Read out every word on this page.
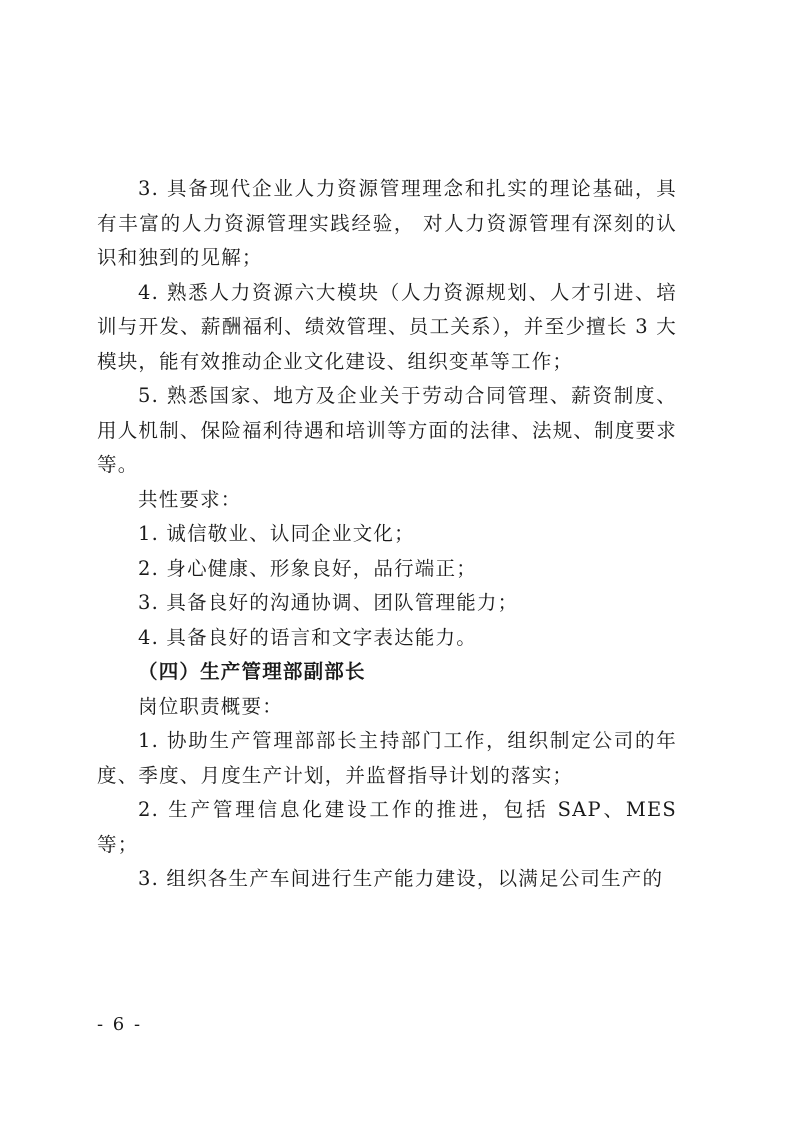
3. 具备现代企业人力资源管理理念和扎实的理论基础，具有丰富的人力资源管理实践经验， 对人力资源管理有深刻的认识和独到的见解；

4. 熟悉人力资源六大模块（人力资源规划、人才引进、培训与开发、薪酬福利、绩效管理、员工关系），并至少擅长 3 大模块，能有效推动企业文化建设、组织变革等工作；

5. 熟悉国家、地方及企业关于劳动合同管理、薪资制度、用人机制、保险福利待遇和培训等方面的法律、法规、制度要求等。

共性要求：

1. 诚信敬业、认同企业文化；

2. 身心健康、形象良好，品行端正；

3. 具备良好的沟通协调、团队管理能力；

4. 具备良好的语言和文字表达能力。

（四）生产管理部副部长

岗位职责概要：

1. 协助生产管理部部长主持部门工作，组织制定公司的年度、季度、月度生产计划，并监督指导计划的落实；

2. 生产管理信息化建设工作的推进，包括 SAP、MES 等；

3. 组织各生产车间进行生产能力建设，以满足公司生产的

- 6 -
